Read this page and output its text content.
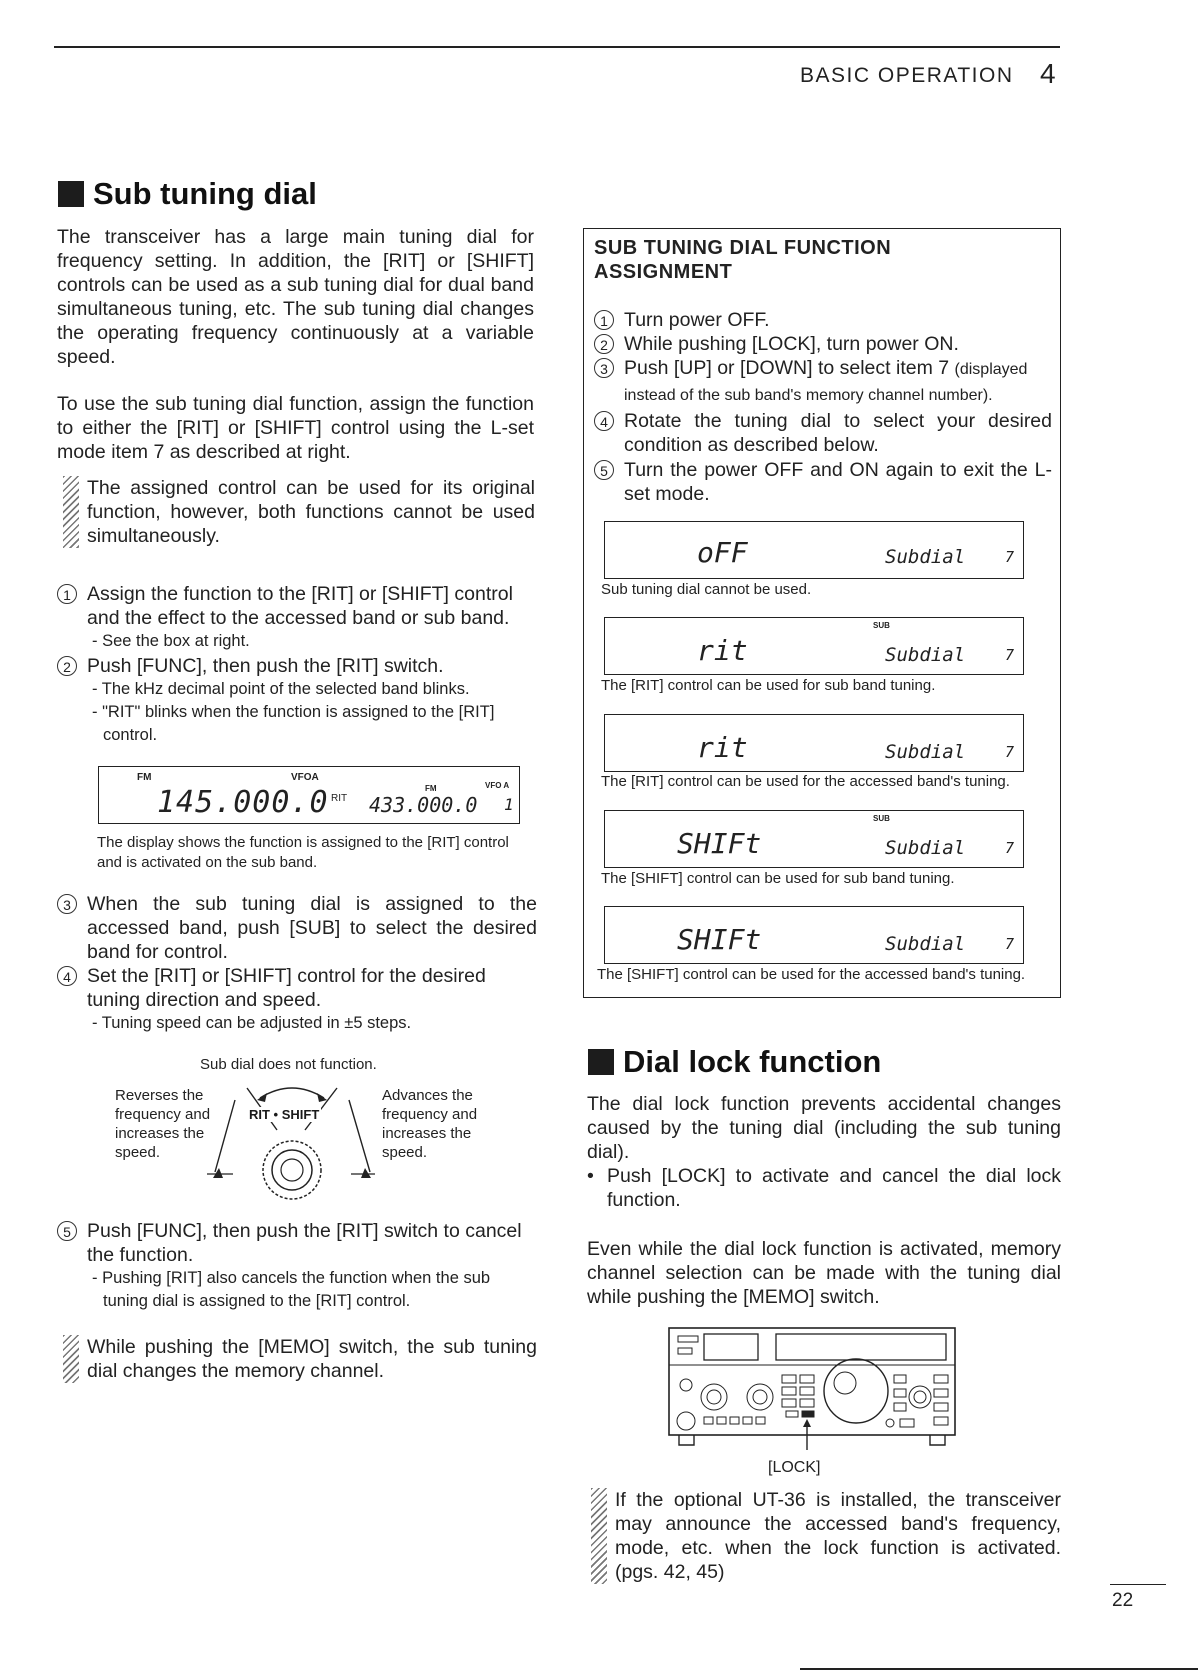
BASIC OPERATION 4
Sub tuning dial
The transceiver has a large main tuning dial for frequency setting. In addition, the [RIT] or [SHIFT] controls can be used as a sub tuning dial for dual band simultaneous tuning, etc. The sub tuning dial changes the operating frequency continuously at a variable speed.
To use the sub tuning dial function, assign the function to either the [RIT] or [SHIFT] control using the L-set mode item 7 as described at right.
The assigned control can be used for its original function, however, both functions cannot be used simultaneously.
1 Assign the function to the [RIT] or [SHIFT] control and the effect to the accessed band or sub band.
- See the box at right.
2 Push [FUNC], then push the [RIT] switch.
- The kHz decimal point of the selected band blinks.
- "RIT" blinks when the function is assigned to the [RIT] control.
FM	VFOA
FM	VFO A
145.000.0 RIT 433.000.0 1
The display shows the function is assigned to the [RIT] control and is activated on the sub band.
3 When the sub tuning dial is assigned to the accessed band, push [SUB] to select the desired band for control.
4 Set the [RIT] or [SHIFT] control for the desired tuning direction and speed.
- Tuning speed can be adjusted in ±5 steps.
Sub dial does not function.
Reverses the frequency and increases the speed.
Advances the frequency and increases the speed.
RIT • SHIFT
5 Push [FUNC], then push the [RIT] switch to cancel the function.
- Pushing [RIT] also cancels the function when the sub tuning dial is assigned to the [RIT] control.
While pushing the [MEMO] switch, the sub tuning dial changes the memory channel.
SUB TUNING DIAL FUNCTION ASSIGNMENT
1 Turn power OFF.
2 While pushing [LOCK], turn power ON.
3 Push [UP] or [DOWN] to select item 7 (displayed instead of the sub band's memory channel number).
4 Rotate the tuning dial to select your desired condition as described below.
5 Turn the power OFF and ON again to exit the L-set mode.
oFF	Subdial	7
Sub tuning dial cannot be used.
SUB
rit	Subdial	7
The [RIT] control can be used for sub band tuning.
rit	Subdial	7
The [RIT] control can be used for the accessed band's tuning.
SUB
SHIFt	Subdial	7
The [SHIFT] control can be used for sub band tuning.
SHIFt	Subdial	7
The [SHIFT] control can be used for the accessed band's tuning.
Dial lock function
The dial lock function prevents accidental changes caused by the tuning dial (including the sub tuning dial).
• Push [LOCK] to activate and cancel the dial lock function.
Even while the dial lock function is activated, memory channel selection can be made with the tuning dial while pushing the [MEMO] switch.
[LOCK]
If the optional UT-36 is installed, the transceiver may announce the accessed band's frequency, mode, etc. when the lock function is activated. (pgs. 42, 45)
22
